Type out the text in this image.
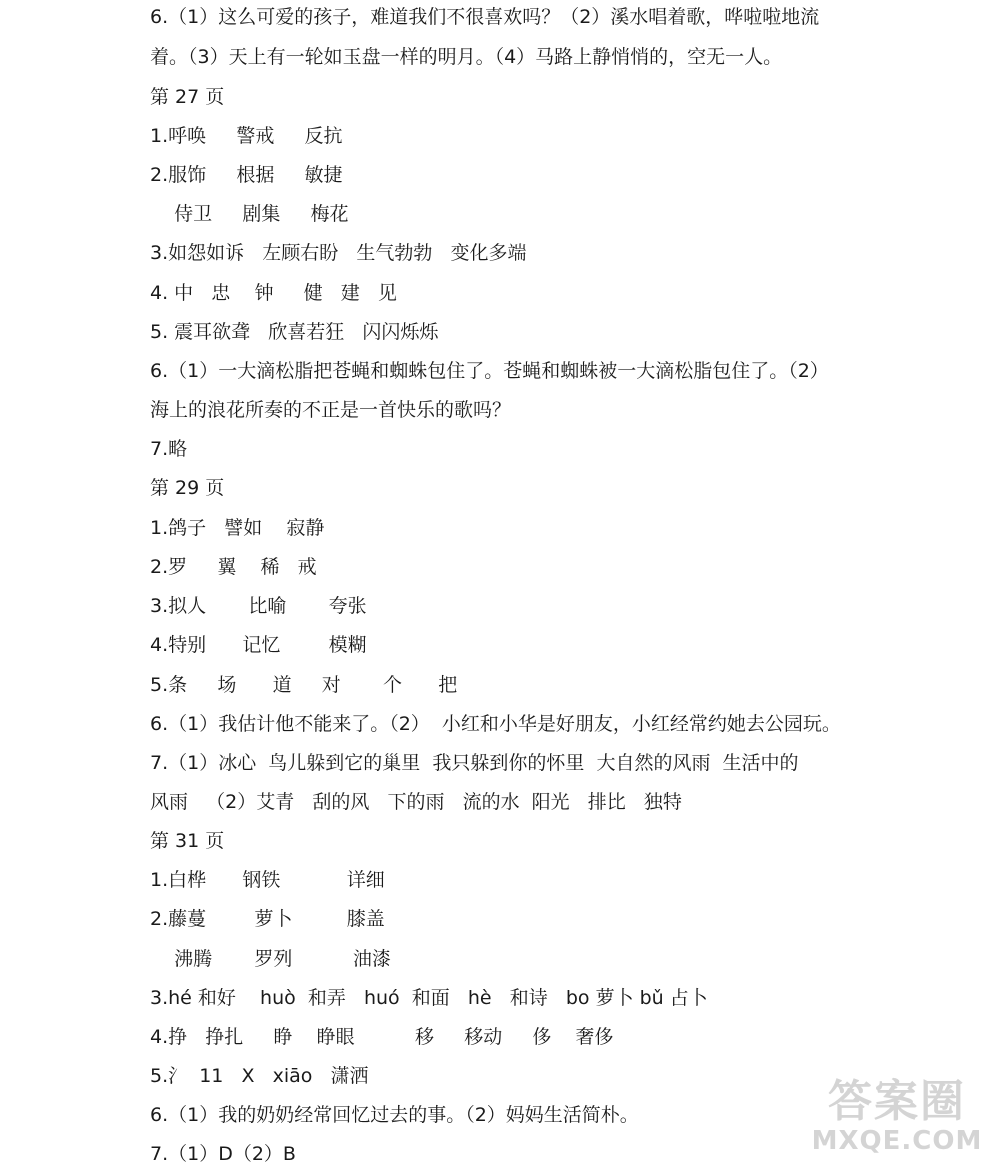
6.（1）这么可爱的孩子，难道我们不很喜欢吗？（2）溪水唱着歌，哗啦啦地流
着。（3）天上有一轮如玉盘一样的明月。（4）马路上静悄悄的，空无一人。
第 27 页
1.呼唤     警戒     反抗
2.服饰     根据     敏捷
侍卫     剧集     梅花
3.如怨如诉   左顾右盼   生气勃勃   变化多端
4. 中   忠    钟     健   建   见
5. 震耳欲聋   欣喜若狂   闪闪烁烁
6.（1）一大滴松脂把苍蝇和蜘蛛包住了。苍蝇和蜘蛛被一大滴松脂包住了。（2）
海上的浪花所奏的不正是一首快乐的歌吗？
7.略
第 29 页
1.鸽子   譬如    寂静
2.罗     翼    稀   戒
3.拟人       比喻       夸张
4.特别      记忆        模糊
5.条     场      道     对       个      把
6.（1）我估计他不能来了。（2）  小红和小华是好朋友，小红经常约她去公园玩。
7.（1）冰心  鸟儿躲到它的巢里  我只躲到你的怀里  大自然的风雨  生活中的
风雨   （2）艾青   刮的风   下的雨   流的水  阳光   排比   独特
第 31 页
1.白桦      钢铁           详细
2.藤蔓        萝卜         膝盖
沸腾       罗列          油漆
3.hé 和好    huò  和弄   huó  和面   hè   和诗   bo 萝卜 bǔ 占卜
4.挣   挣扎     睁    睁眼          移     移动     侈    奢侈
5.氵  11   X   xiāo   潇洒
6.（1）我的奶奶经常回忆过去的事。（2）妈妈生活简朴。
7.（1）D（2）B
答案圈
MXQE.COM
